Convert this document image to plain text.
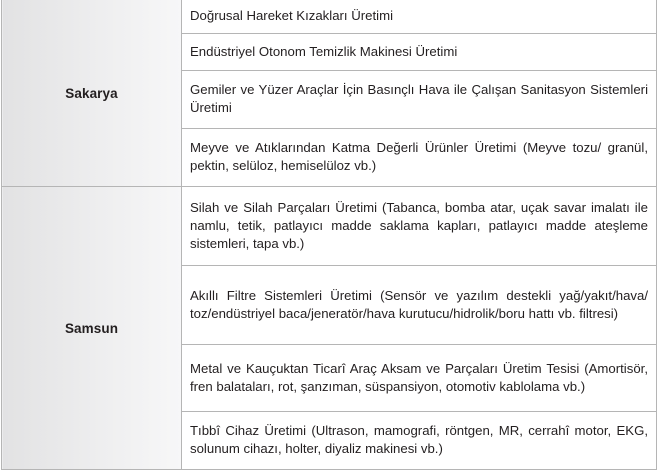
Sakarya	Doğrusal Hareket Kızakları Üretimi

	Endüstriyel Otonom Temizlik Makinesi Üretimi

	Gemiler ve Yüzer Araçlar İçin Basınçlı Hava ile Çalışan Sanitasyon Sistemleri Üretimi

	Meyve ve Atıklarından Katma Değerli Ürünler Üretimi (Meyve tozu/ granül, pektin, selüloz, hemiselüloz vb.)

Samsun	Silah ve Silah Parçaları Üretimi (Tabanca, bomba atar, uçak savar imalatı ile namlu, tetik, patlayıcı madde saklama kapları, patlayıcı madde ateşleme sistemleri, tapa vb.)

	Akıllı Filtre Sistemleri Üretimi (Sensör ve yazılım destekli yağ/yakıt/hava/ toz/endüstriyel baca/jeneratör/hava kurutucu/hidrolik/boru hattı vb. filtresi)

	Metal ve Kauçuktan Ticarî Araç Aksam ve Parçaları Üretim Tesisi (Amortisör, fren balataları, rot, şanzıman, süspansiyon, otomotiv kablolama vb.)

	Tıbbî Cihaz Üretimi (Ultrason, mamografi, röntgen, MR, cerrahî motor, EKG, solunum cihazı, holter, diyaliz makinesi vb.)
